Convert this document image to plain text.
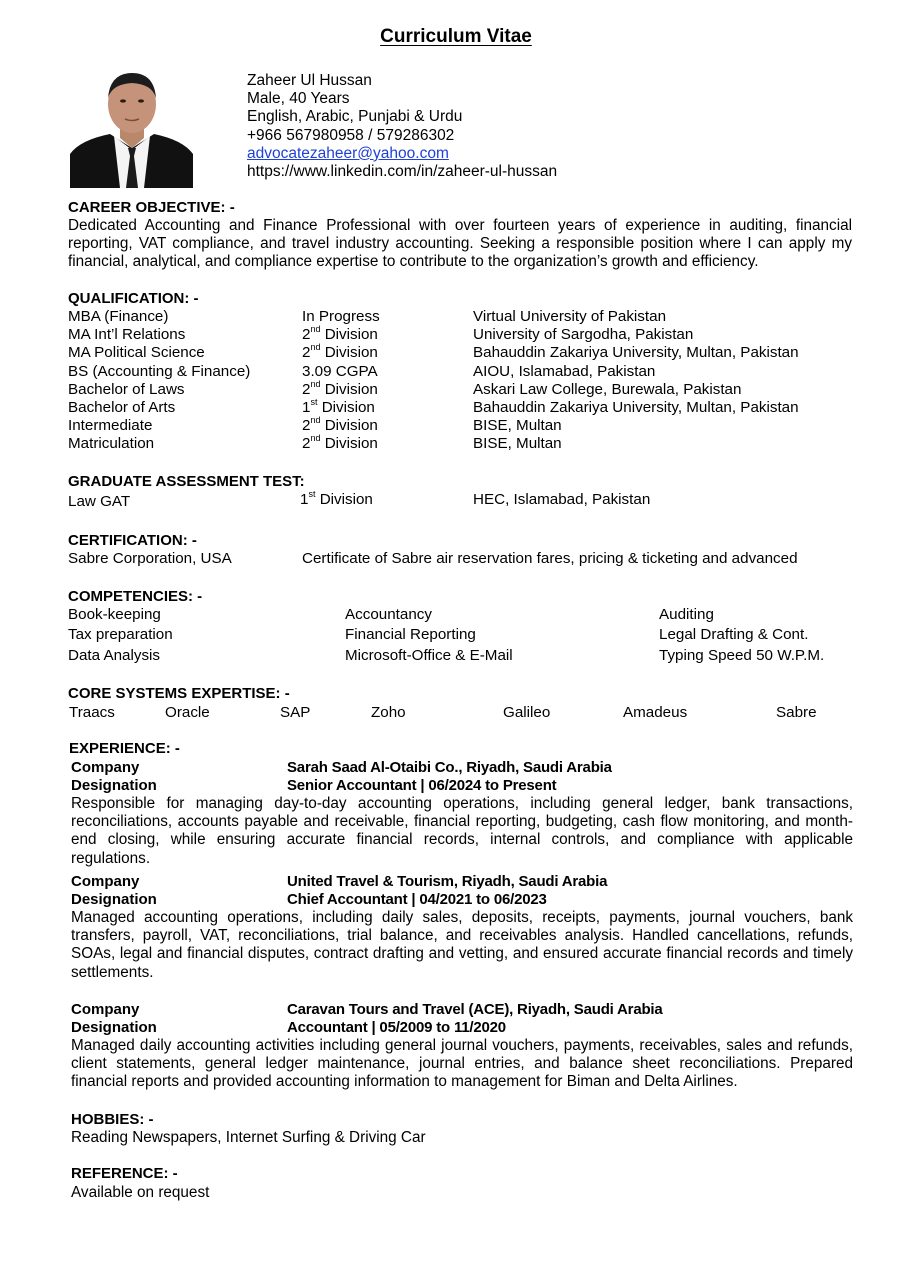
Curriculum Vitae
Zaheer Ul Hussan
Male, 40 Years
English, Arabic, Punjabi & Urdu
+966 567980958 / 579286302
advocatezaheer@yahoo.com
https://www.linkedin.com/in/zaheer-ul-hussan
CAREER OBJECTIVE: -
Dedicated Accounting and Finance Professional with over fourteen years of experience in auditing, financial reporting, VAT compliance, and travel industry accounting. Seeking a responsible position where I can apply my financial, analytical, and compliance expertise to contribute to the organization’s growth and efficiency.
QUALIFICATION: -
MBA (Finance)	In Progress	Virtual University of Pakistan
MA Int’l Relations	2nd Division	University of Sargodha, Pakistan
MA Political Science	2nd Division	Bahauddin Zakariya University, Multan, Pakistan
BS (Accounting & Finance)	3.09 CGPA	AIOU, Islamabad, Pakistan
Bachelor of Laws	2nd Division	Askari Law College, Burewala, Pakistan
Bachelor of Arts	1st Division	Bahauddin Zakariya University, Multan, Pakistan
Intermediate	2nd Division	BISE, Multan
Matriculation	2nd Division	BISE, Multan
GRADUATE ASSESSMENT TEST:
Law GAT	1st Division	HEC, Islamabad, Pakistan
CERTIFICATION: -
Sabre Corporation, USA	Certificate of Sabre air reservation fares, pricing & ticketing and advanced
COMPETENCIES: -
Book-keeping	Accountancy	Auditing
Tax preparation	Financial Reporting	Legal Drafting & Cont.
Data Analysis	Microsoft-Office & E-Mail	Typing Speed 50 W.P.M.
CORE SYSTEMS EXPERTISE: -
Traacs	Oracle	SAP	Zoho	Galileo	Amadeus	Sabre
EXPERIENCE: -
Company	Sarah Saad Al-Otaibi Co., Riyadh, Saudi Arabia
Designation	Senior Accountant | 06/2024 to Present
Responsible for managing day-to-day accounting operations, including general ledger, bank transactions, reconciliations, accounts payable and receivable, financial reporting, budgeting, cash flow monitoring, and month-end closing, while ensuring accurate financial records, internal controls, and compliance with applicable regulations.
Company	United Travel & Tourism, Riyadh, Saudi Arabia
Designation	Chief Accountant | 04/2021 to 06/2023
Managed accounting operations, including daily sales, deposits, receipts, payments, journal vouchers, bank transfers, payroll, VAT, reconciliations, trial balance, and receivables analysis. Handled cancellations, refunds, SOAs, legal and financial disputes, contract drafting and vetting, and ensured accurate financial records and timely settlements.
Company	Caravan Tours and Travel (ACE), Riyadh, Saudi Arabia
Designation	Accountant | 05/2009 to 11/2020
Managed daily accounting activities including general journal vouchers, payments, receivables, sales and refunds, client statements, general ledger maintenance, journal entries, and balance sheet reconciliations. Prepared financial reports and provided accounting information to management for Biman and Delta Airlines.
HOBBIES: -
Reading Newspapers, Internet Surfing & Driving Car
REFERENCE: -
Available on request
